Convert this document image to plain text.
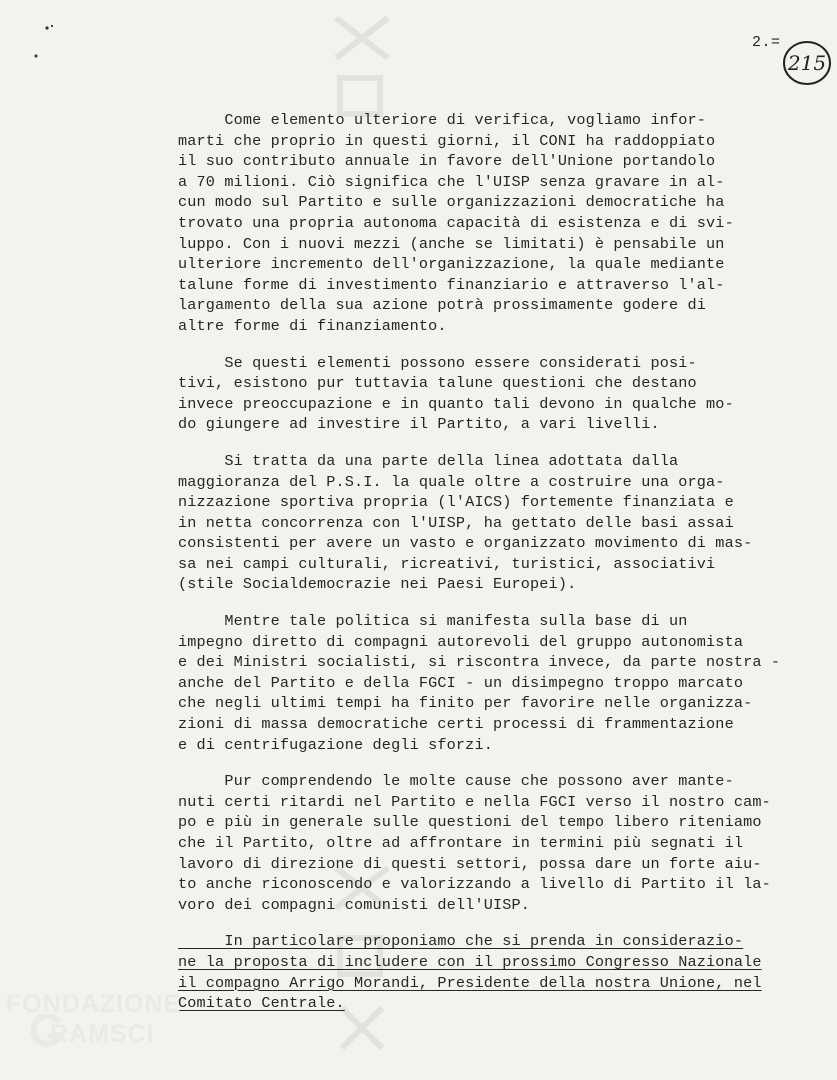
2.=
215
Come elemento ulteriore di verifica, vogliamo infor-
marti che proprio in questi giorni, il CONI ha raddoppiato
il suo contributo annuale in favore dell'Unione portandolo
a 70 milioni. Ciò significa che l'UISP senza gravare in al-
cun modo sul Partito e sulle organizzazioni democratiche ha
trovato una propria autonoma capacità di esistenza e di svi-
luppo. Con i nuovi mezzi (anche se limitati) è pensabile un
ulteriore incremento dell'organizzazione, la quale mediante
talune forme di investimento finanziario e attraverso l'al-
largamento della sua azione potrà prossimamente godere di
altre forme di finanziamento.
Se questi elementi possono essere considerati posi-
tivi, esistono pur tuttavia talune questioni che destano
invece preoccupazione e in quanto tali devono in qualche mo-
do giungere ad investire il Partito, a vari livelli.
Si tratta da una parte della linea adottata dalla
maggioranza del P.S.I. la quale oltre a costruire una orga-
nizzazione sportiva propria (l'AICS) fortemente finanziata e
in netta concorrenza con l'UISP, ha gettato delle basi assai
consistenti per avere un vasto e organizzato movimento di mas-
sa nei campi culturali, ricreativi, turistici, associativi
(stile Socialdemocrazie nei Paesi Europei).
Mentre tale politica si manifesta sulla base di un
impegno diretto di compagni autorevoli del gruppo autonomista
e dei Ministri socialisti, si riscontra invece, da parte nostra -
anche del Partito e della FGCI - un disimpegno troppo marcato
che negli ultimi tempi ha finito per favorire nelle organizza-
zioni di massa democratiche certi processi di frammentazione
e di centrifugazione degli sforzi.
Pur comprendendo le molte cause che possono aver mante-
nuti certi ritardi nel Partito e nella FGCI verso il nostro cam-
po e più in generale sulle questioni del tempo libero riteniamo
che il Partito, oltre ad affrontare in termini più segnati il
lavoro di direzione di questi settori, possa dare un forte aiu-
to anche riconoscendo e valorizzando a livello di Partito il la-
voro dei compagni comunisti dell'UISP.
In particolare proponiamo che si prenda in considerazio-
ne la proposta di includere con il prossimo Congresso Nazionale
il compagno Arrigo Morandi, Presidente della nostra Unione, nel
Comitato Centrale.
FONDAZIONE
RAMSCI
